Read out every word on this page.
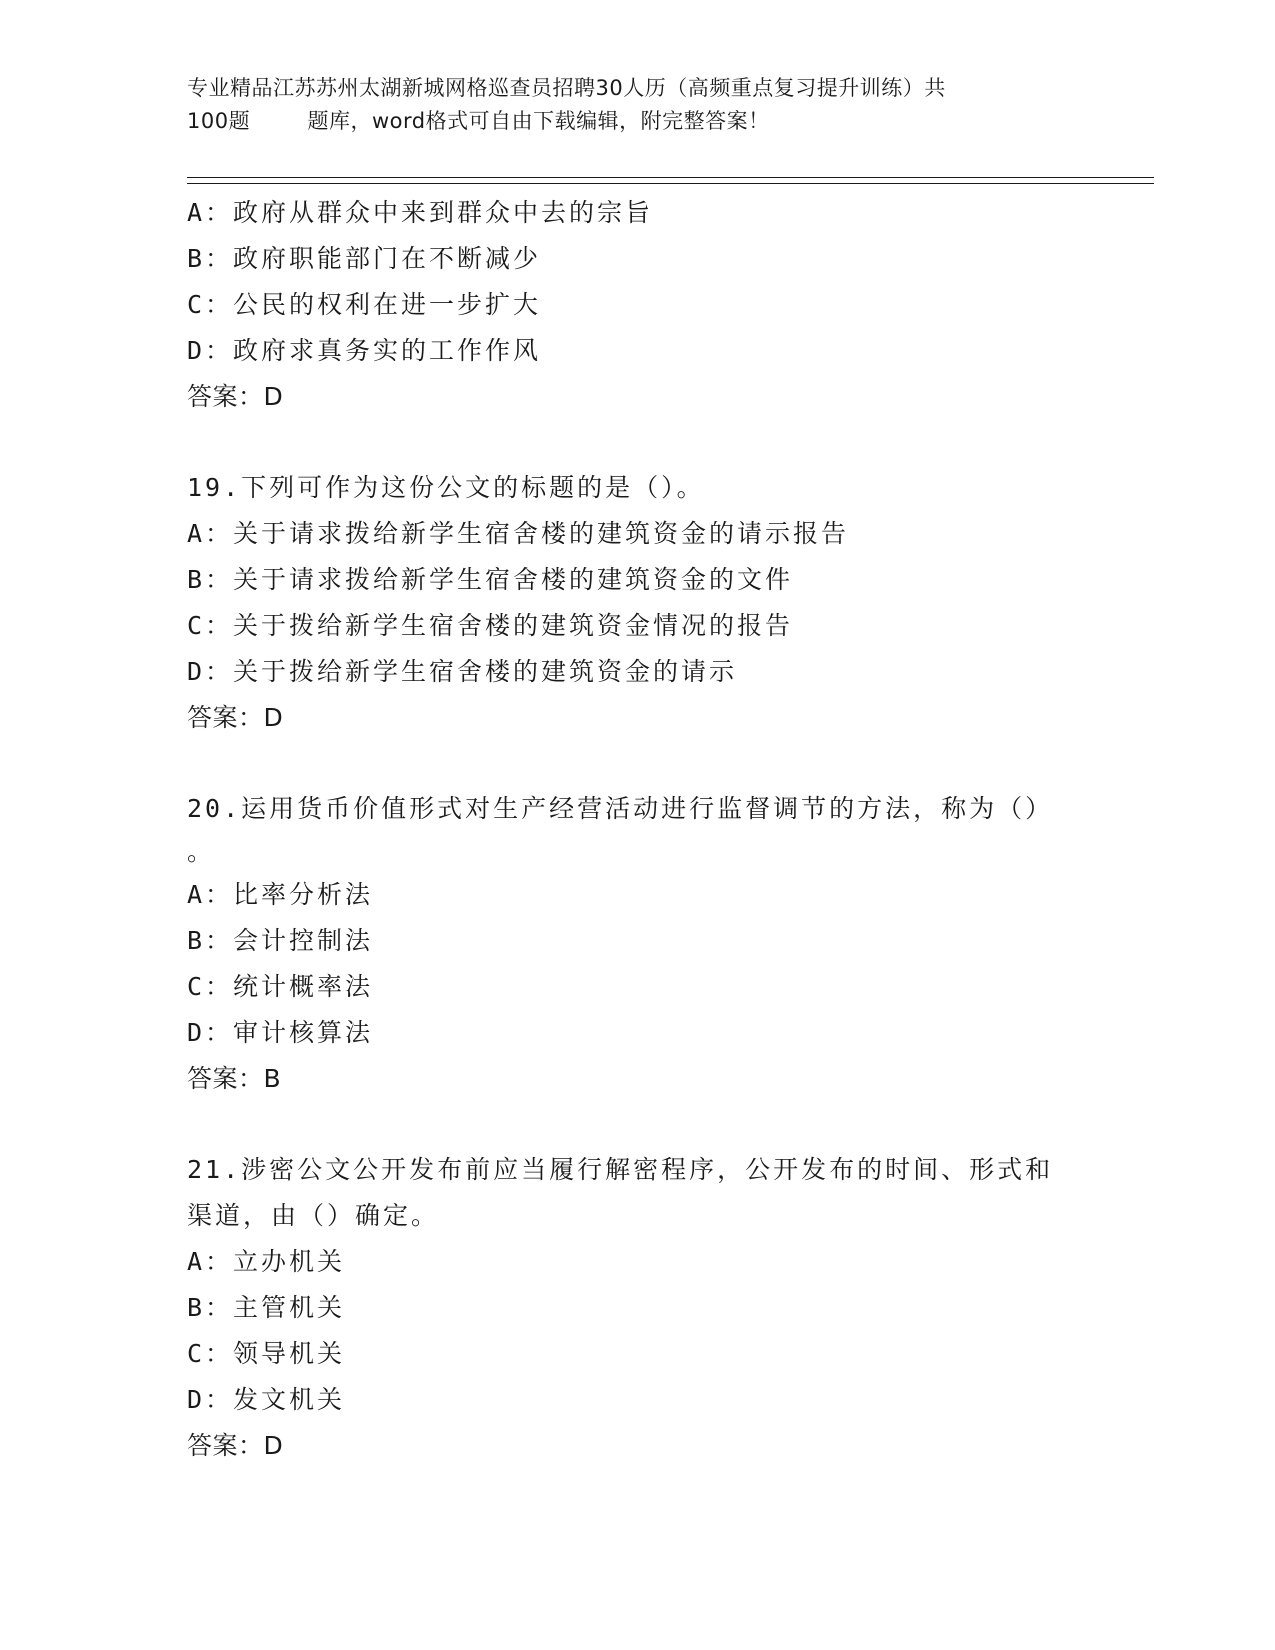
专业精品江苏苏州太湖新城网格巡查员招聘30人历（高频重点复习提升训练）共
100题        题库，word格式可自由下载编辑，附完整答案！
A：政府从群众中来到群众中去的宗旨
B：政府职能部门在不断减少
C：公民的权利在进一步扩大
D：政府求真务实的工作作风
答案：D
19.下列可作为这份公文的标题的是（）。
A：关于请求拨给新学生宿舍楼的建筑资金的请示报告
B：关于请求拨给新学生宿舍楼的建筑资金的文件
C：关于拨给新学生宿舍楼的建筑资金情况的报告
D：关于拨给新学生宿舍楼的建筑资金的请示
答案：D
20.运用货币价值形式对生产经营活动进行监督调节的方法，称为（）
。
A：比率分析法
B：会计控制法
C：统计概率法
D：审计核算法
答案：B
21.涉密公文公开发布前应当履行解密程序，公开发布的时间、形式和
渠道，由（）确定。
A：立办机关
B：主管机关
C：领导机关
D：发文机关
答案：D
